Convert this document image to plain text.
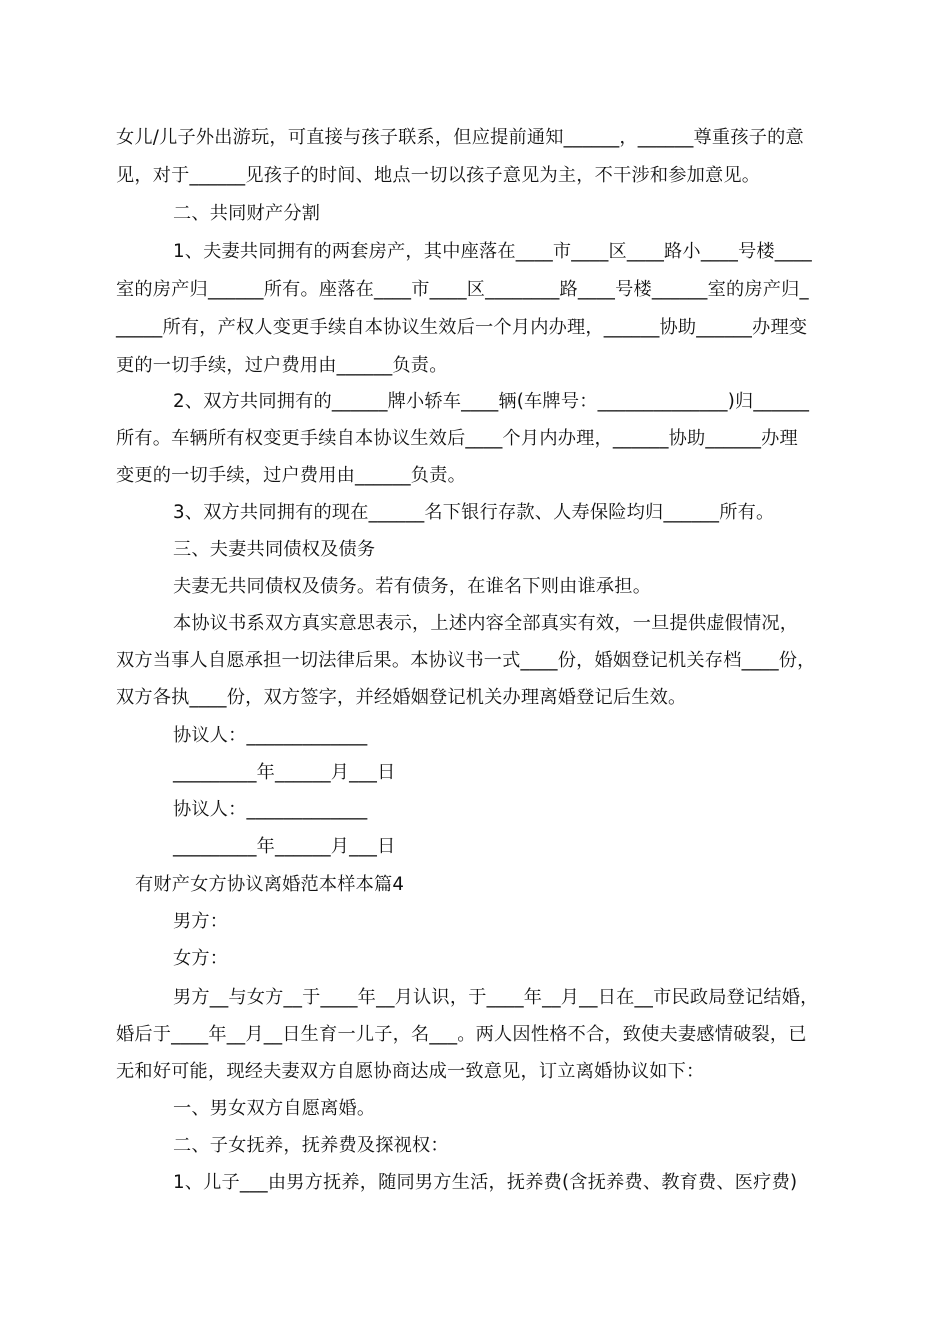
女儿/儿子外出游玩，可直接与孩子联系，但应提前通知______，______尊重孩子的意
见，对于______见孩子的时间、地点一切以孩子意见为主，不干涉和参加意见。
二、共同财产分割
1、夫妻共同拥有的两套房产，其中座落在____市____区____路小____号楼____
室的房产归______所有。座落在____市____区________路____号楼______室的房产归_
_____所有，产权人变更手续自本协议生效后一个月内办理，______协助______办理变
更的一切手续，过户费用由______负责。
2、双方共同拥有的______牌小轿车____辆(车牌号：______________)归______
所有。车辆所有权变更手续自本协议生效后____个月内办理，______协助______办理
变更的一切手续，过户费用由______负责。
3、双方共同拥有的现在______名下银行存款、人寿保险均归______所有。
三、夫妻共同债权及债务
夫妻无共同债权及债务。若有债务，在谁名下则由谁承担。
本协议书系双方真实意思表示，上述内容全部真实有效，一旦提供虚假情况，
双方当事人自愿承担一切法律后果。本协议书一式____份，婚姻登记机关存档____份，
双方各执____份，双方签字，并经婚姻登记机关办理离婚登记后生效。
协议人：_____________
_________年______月___日
协议人：_____________
_________年______月___日
有财产女方协议离婚范本样本篇4
男方：
女方：
男方__与女方__于____年__月认识，于____年__月__日在__市民政局登记结婚，
婚后于____年__月__日生育一儿子，名___。两人因性格不合，致使夫妻感情破裂，已
无和好可能，现经夫妻双方自愿协商达成一致意见，订立离婚协议如下：
一、男女双方自愿离婚。
二、子女抚养，抚养费及探视权：
1、儿子___由男方抚养，随同男方生活，抚养费(含抚养费、教育费、医疗费)
